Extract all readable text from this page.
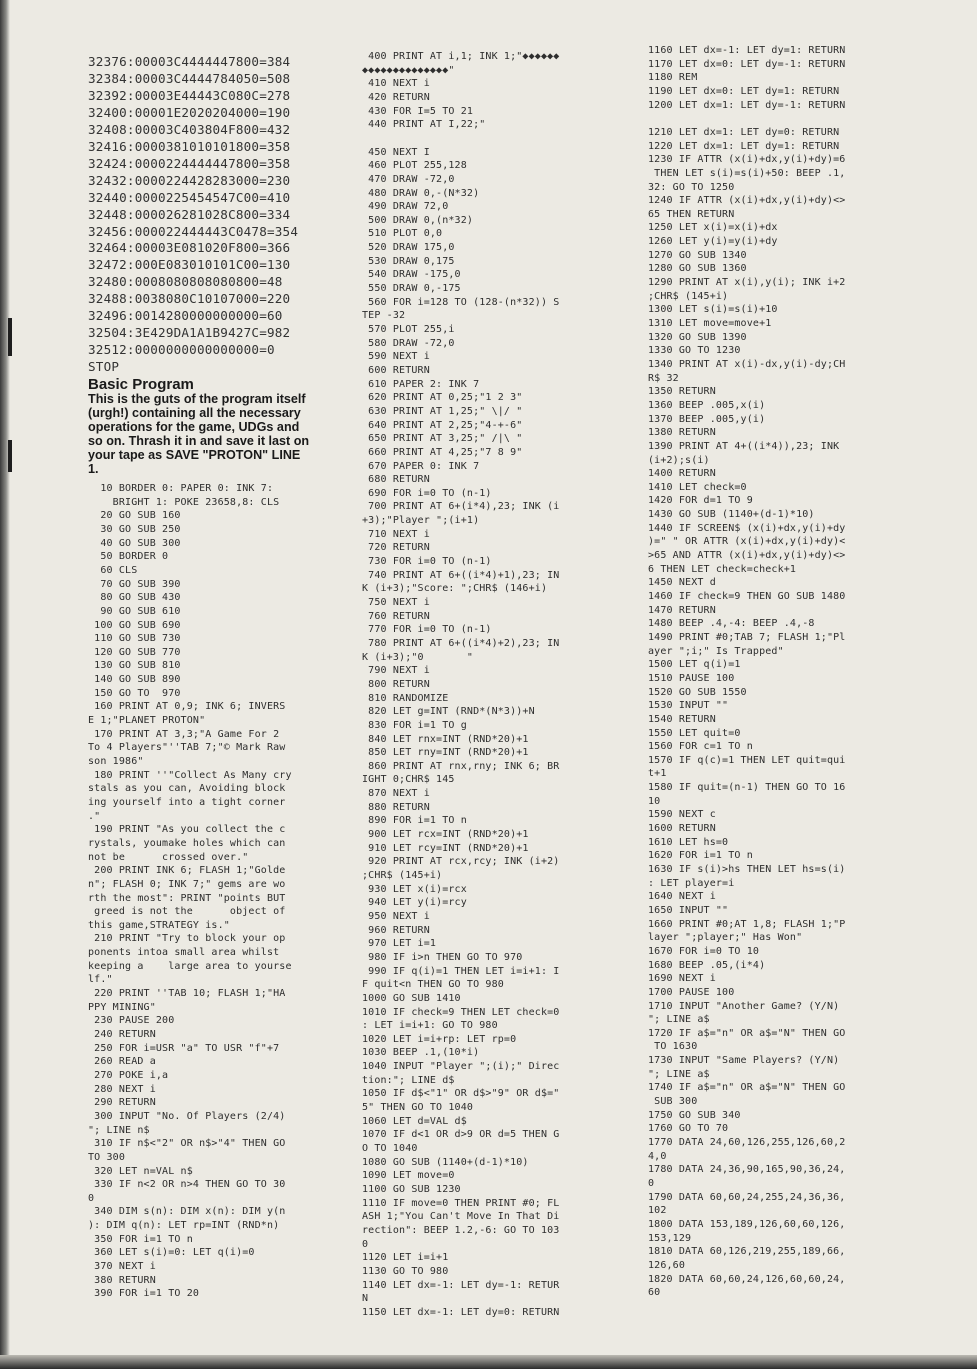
32376:00003C4444447800=384
32384:00003C4444784050=508
32392:00003E44443C080C=278
32400:00001E2020204000=190
32408:00003C403804F800=432
32416:0000381010101800=358
32424:0000224444447800=358
32432:0000224428283000=230
32440:0000225454547C00=410
32448:000026281028C800=334
32456:000022444443C0478=354
32464:00003E081020F800=366
32472:000E083010101C00=130
32480:0008080808080800=48
32488:0038080C10107000=220
32496:0014280000000000=60
32504:3E429DA1A1B9427C=982
32512:0000000000000000=0
STOP
Basic Program
This is the guts of the program itself
(urgh!) containing all the necessary
operations for the game, UDGs and
so on. Thrash it in and save it last on
your tape as SAVE "PROTON" LINE
1.
10 BORDER 0: PAPER 0: INK 7:
BRIGHT 1: POKE 23658,8: CLS
20 GO SUB 160
30 GO SUB 250
40 GO SUB 300
50 BORDER 0
60 CLS
70 GO SUB 390
80 GO SUB 430
90 GO SUB 610
100 GO SUB 690
110 GO SUB 730
120 GO SUB 770
130 GO SUB 810
140 GO SUB 890
150 GO TO  970
160 PRINT AT 0,9; INK 6; INVERS
E 1;"PLANET PROTON"
170 PRINT AT 3,3;"A Game For 2
To 4 Players"''TAB 7;"© Mark Raw
son 1986"
180 PRINT ''"Collect As Many cry
stals as you can, Avoiding block
ing yourself into a tight corner
."
190 PRINT "As you collect the c
rystals, youmake holes which can
not be      crossed over."
200 PRINT INK 6; FLASH 1;"Golde
n"; FLASH 0; INK 7;" gems are wo
rth the most": PRINT "points BUT
greed is not the      object of
this game,STRATEGY is."
210 PRINT "Try to block your op
ponents intoa small area whilst
keeping a    large area to yourse
lf."
220 PRINT ''TAB 10; FLASH 1;"HA
PPY MINING"
230 PAUSE 200
240 RETURN
250 FOR i=USR "a" TO USR "f"+7
260 READ a
270 POKE i,a
280 NEXT i
290 RETURN
300 INPUT "No. Of Players (2/4)
"; LINE n$
310 IF n$<"2" OR n$>"4" THEN GO
TO 300
320 LET n=VAL n$
330 IF n<2 OR n>4 THEN GO TO 30
0
340 DIM s(n): DIM x(n): DIM y(n
): DIM q(n): LET rp=INT (RND*n)
350 FOR i=1 TO n
360 LET s(i)=0: LET q(i)=0
370 NEXT i
380 RETURN
390 FOR i=1 TO 20
400 PRINT AT i,1; INK 1;"◆◆◆◆◆◆
◆◆◆◆◆◆◆◆◆◆◆◆◆◆"
410 NEXT i
420 RETURN
430 FOR I=5 TO 21
440 PRINT AT I,22;"
450 NEXT I
460 PLOT 255,128
470 DRAW -72,0
480 DRAW 0,-(N*32)
490 DRAW 72,0
500 DRAW 0,(n*32)
510 PLOT 0,0
520 DRAW 175,0
530 DRAW 0,175
540 DRAW -175,0
550 DRAW 0,-175
560 FOR i=128 TO (128-(n*32)) S
TEP -32
570 PLOT 255,i
580 DRAW -72,0
590 NEXT i
600 RETURN
610 PAPER 2: INK 7
620 PRINT AT 0,25;"1 2 3"
630 PRINT AT 1,25;" \|/ "
640 PRINT AT 2,25;"4-+-6"
650 PRINT AT 3,25;" /|\ "
660 PRINT AT 4,25;"7 8 9"
670 PAPER 0: INK 7
680 RETURN
690 FOR i=0 TO (n-1)
700 PRINT AT 6+(i*4),23; INK (i
+3);"Player ";(i+1)
710 NEXT i
720 RETURN
730 FOR i=0 TO (n-1)
740 PRINT AT 6+((i*4)+1),23; IN
K (i+3);"Score: ";CHR$ (146+i)
750 NEXT i
760 RETURN
770 FOR i=0 TO (n-1)
780 PRINT AT 6+((i*4)+2),23; IN
K (i+3);"0       "
790 NEXT i
800 RETURN
810 RANDOMIZE
820 LET g=INT (RND*(N*3))+N
830 FOR i=1 TO g
840 LET rnx=INT (RND*20)+1
850 LET rny=INT (RND*20)+1
860 PRINT AT rnx,rny; INK 6; BR
IGHT 0;CHR$ 145
870 NEXT i
880 RETURN
890 FOR i=1 TO n
900 LET rcx=INT (RND*20)+1
910 LET rcy=INT (RND*20)+1
920 PRINT AT rcx,rcy; INK (i+2)
;CHR$ (145+i)
930 LET x(i)=rcx
940 LET y(i)=rcy
950 NEXT i
960 RETURN
970 LET i=1
980 IF i>n THEN GO TO 970
990 IF q(i)=1 THEN LET i=i+1: I
F quit<n THEN GO TO 980
1000 GO SUB 1410
1010 IF check=9 THEN LET check=0
: LET i=i+1: GO TO 980
1020 LET i=i+rp: LET rp=0
1030 BEEP .1,(10*i)
1040 INPUT "Player ";(i);" Direc
tion:"; LINE d$
1050 IF d$<"1" OR d$>"9" OR d$="
5" THEN GO TO 1040
1060 LET d=VAL d$
1070 IF d<1 OR d>9 OR d=5 THEN G
O TO 1040
1080 GO SUB (1140+(d-1)*10)
1090 LET move=0
1100 GO SUB 1230
1110 IF move=0 THEN PRINT #0; FL
ASH 1;"You Can't Move In That Di
rection": BEEP 1.2,-6: GO TO 103
0
1120 LET i=i+1
1130 GO TO 980
1140 LET dx=-1: LET dy=-1: RETUR
N
1150 LET dx=-1: LET dy=0: RETURN
1160 LET dx=-1: LET dy=1: RETURN
1170 LET dx=0: LET dy=-1: RETURN
1180 REM
1190 LET dx=0: LET dy=1: RETURN
1200 LET dx=1: LET dy=-1: RETURN
1210 LET dx=1: LET dy=0: RETURN
1220 LET dx=1: LET dy=1: RETURN
1230 IF ATTR (x(i)+dx,y(i)+dy)=6
THEN LET s(i)=s(i)+50: BEEP .1,
32: GO TO 1250
1240 IF ATTR (x(i)+dx,y(i)+dy)<>
65 THEN RETURN
1250 LET x(i)=x(i)+dx
1260 LET y(i)=y(i)+dy
1270 GO SUB 1340
1280 GO SUB 1360
1290 PRINT AT x(i),y(i); INK i+2
;CHR$ (145+i)
1300 LET s(i)=s(i)+10
1310 LET move=move+1
1320 GO SUB 1390
1330 GO TO 1230
1340 PRINT AT x(i)-dx,y(i)-dy;CH
R$ 32
1350 RETURN
1360 BEEP .005,x(i)
1370 BEEP .005,y(i)
1380 RETURN
1390 PRINT AT 4+((i*4)),23; INK
(i+2);s(i)
1400 RETURN
1410 LET check=0
1420 FOR d=1 TO 9
1430 GO SUB (1140+(d-1)*10)
1440 IF SCREEN$ (x(i)+dx,y(i)+dy
)=" " OR ATTR (x(i)+dx,y(i)+dy)<
>65 AND ATTR (x(i)+dx,y(i)+dy)<>
6 THEN LET check=check+1
1450 NEXT d
1460 IF check=9 THEN GO SUB 1480
1470 RETURN
1480 BEEP .4,-4: BEEP .4,-8
1490 PRINT #0;TAB 7; FLASH 1;"Pl
ayer ";i;" Is Trapped"
1500 LET q(i)=1
1510 PAUSE 100
1520 GO SUB 1550
1530 INPUT ""
1540 RETURN
1550 LET quit=0
1560 FOR c=1 TO n
1570 IF q(c)=1 THEN LET quit=qui
t+1
1580 IF quit=(n-1) THEN GO TO 16
10
1590 NEXT c
1600 RETURN
1610 LET hs=0
1620 FOR i=1 TO n
1630 IF s(i)>hs THEN LET hs=s(i)
: LET player=i
1640 NEXT i
1650 INPUT ""
1660 PRINT #0;AT 1,8; FLASH 1;"P
layer ";player;" Has Won"
1670 FOR i=0 TO 10
1680 BEEP .05,(i*4)
1690 NEXT i
1700 PAUSE 100
1710 INPUT "Another Game? (Y/N)
"; LINE a$
1720 IF a$="n" OR a$="N" THEN GO
TO 1630
1730 INPUT "Same Players? (Y/N)
"; LINE a$
1740 IF a$="n" OR a$="N" THEN GO
SUB 300
1750 GO SUB 340
1760 GO TO 70
1770 DATA 24,60,126,255,126,60,2
4,0
1780 DATA 24,36,90,165,90,36,24,
0
1790 DATA 60,60,24,255,24,36,36,
102
1800 DATA 153,189,126,60,60,126,
153,129
1810 DATA 60,126,219,255,189,66,
126,60
1820 DATA 60,60,24,126,60,60,24,
60
